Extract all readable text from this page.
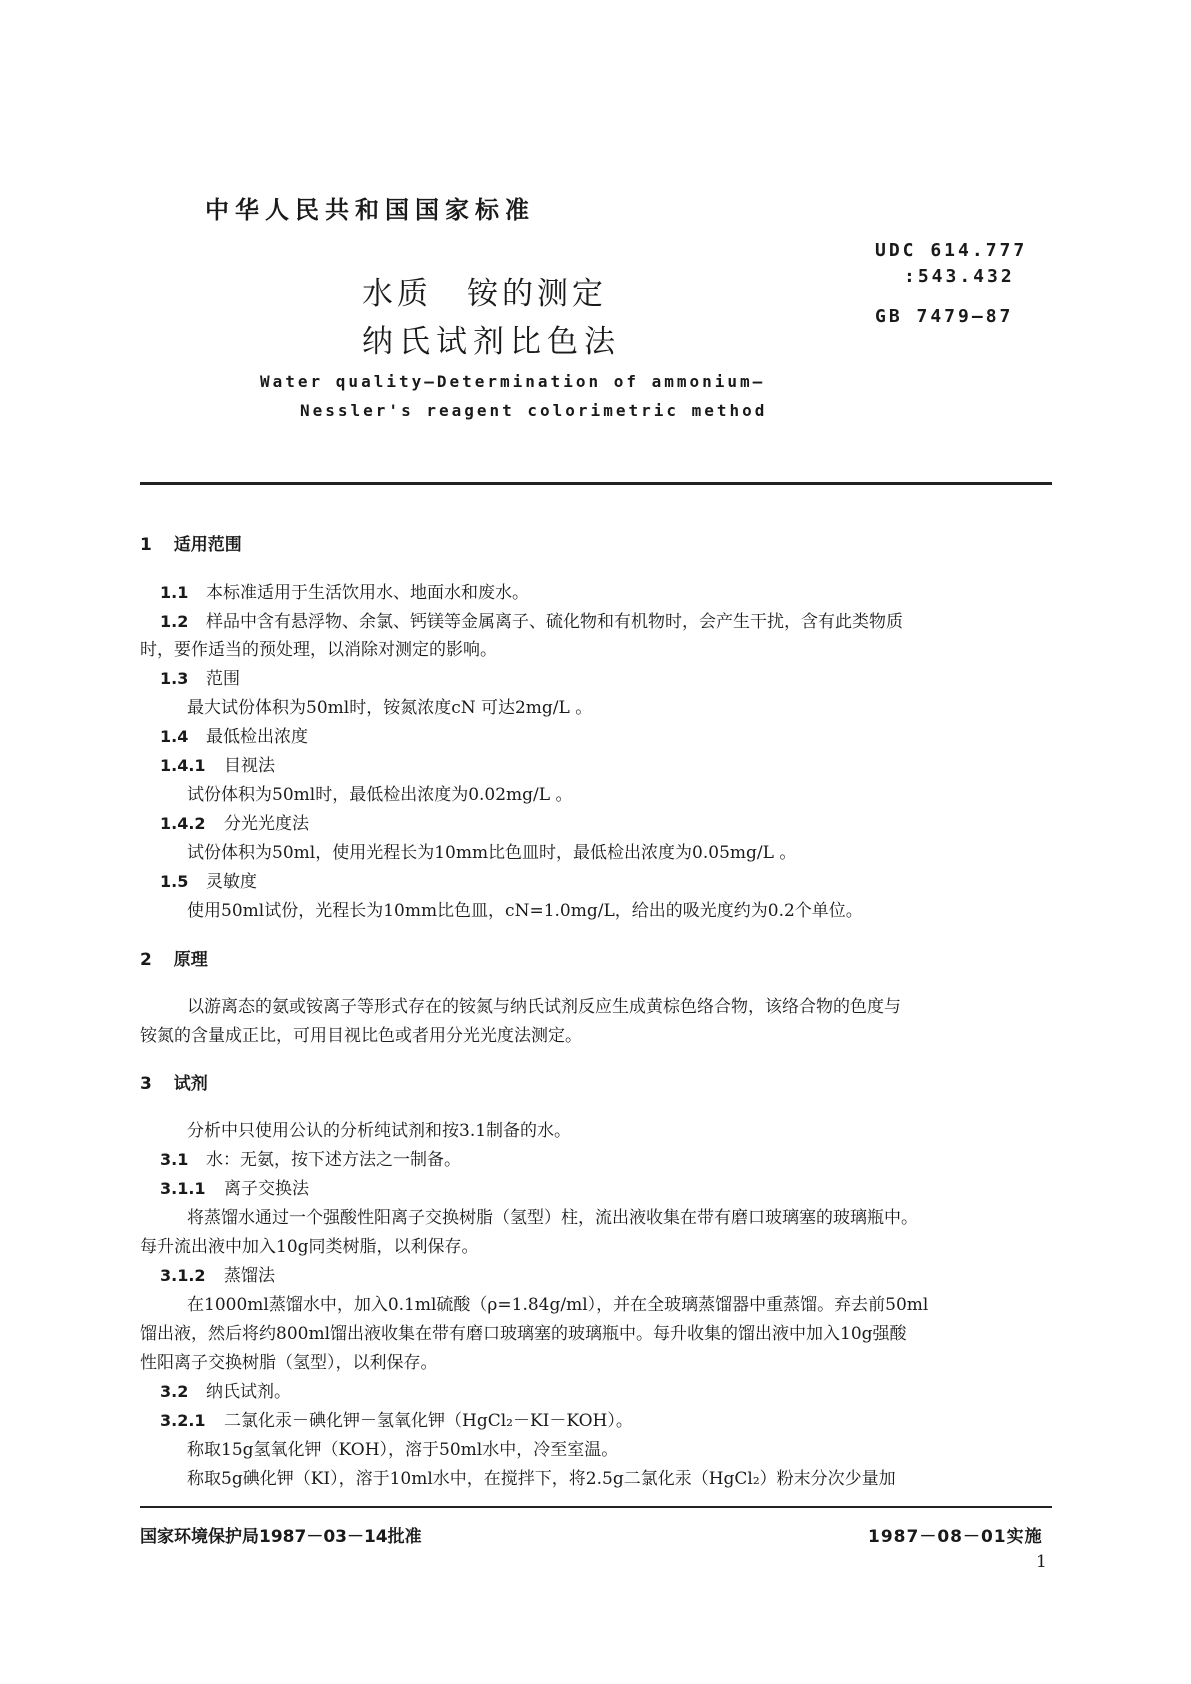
中华人民共和国国家标准
UDC 614.777
:543.432
GB 7479—87
水质　铵的测定
纳氏试剂比色法
Water quality—Determination of ammonium—
Nessler's reagent colorimetric method
1 适用范围
1.1 本标准适用于生活饮用水、地面水和废水。
1.2 样品中含有悬浮物、余氯、钙镁等金属离子、硫化物和有机物时，会产生干扰，含有此类物质
时，要作适当的预处理，以消除对测定的影响。
1.3 范围
最大试份体积为50ml时，铵氮浓度cN 可达2mg/L 。
1.4 最低检出浓度
1.4.1 目视法
试份体积为50ml时，最低检出浓度为0.02mg/L 。
1.4.2 分光光度法
试份体积为50ml，使用光程长为10mm比色皿时，最低检出浓度为0.05mg/L 。
1.5 灵敏度
使用50ml试份，光程长为10mm比色皿，cN=1.0mg/L，给出的吸光度约为0.2个单位。
2 原理
以游离态的氨或铵离子等形式存在的铵氮与纳氏试剂反应生成黄棕色络合物，该络合物的色度与
铵氮的含量成正比，可用目视比色或者用分光光度法测定。
3 试剂
分析中只使用公认的分析纯试剂和按3.1制备的水。
3.1 水：无氨，按下述方法之一制备。
3.1.1 离子交换法
将蒸馏水通过一个强酸性阳离子交换树脂（氢型）柱，流出液收集在带有磨口玻璃塞的玻璃瓶中。
每升流出液中加入10g同类树脂，以利保存。
3.1.2 蒸馏法
在1000ml蒸馏水中，加入0.1ml硫酸（ρ=1.84g/ml），并在全玻璃蒸馏器中重蒸馏。弃去前50ml
馏出液，然后将约800ml馏出液收集在带有磨口玻璃塞的玻璃瓶中。每升收集的馏出液中加入10g强酸
性阳离子交换树脂（氢型），以利保存。
3.2 纳氏试剂。
3.2.1 二氯化汞－碘化钾－氢氧化钾（HgCl₂－KI－KOH）。
称取15g氢氧化钾（KOH），溶于50ml水中，冷至室温。
称取5g碘化钾（KI），溶于10ml水中，在搅拌下，将2.5g二氯化汞（HgCl₂）粉末分次少量加
国家环境保护局1987－03－14批准	1987－08－01实施
1
